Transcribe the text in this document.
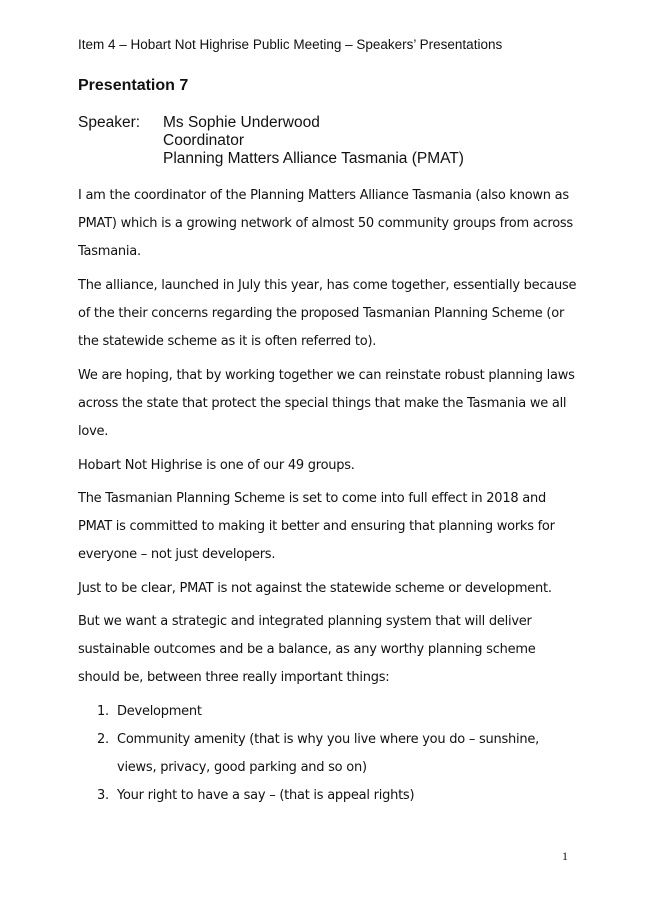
Item 4 – Hobart Not Highrise Public Meeting – Speakers’ Presentations
Presentation 7
Speaker: Ms Sophie Underwood
Coordinator
Planning Matters Alliance Tasmania (PMAT)

I am the coordinator of the Planning Matters Alliance Tasmania (also known as PMAT) which is a growing network of almost 50 community groups from across Tasmania.

The alliance, launched in July this year, has come together, essentially because of the their concerns regarding the proposed Tasmanian Planning Scheme (or the statewide scheme as it is often referred to).

We are hoping, that by working together we can reinstate robust planning laws across the state that protect the special things that make the Tasmania we all love.

Hobart Not Highrise is one of our 49 groups.

The Tasmanian Planning Scheme is set to come into full effect in 2018 and PMAT is committed to making it better and ensuring that planning works for everyone – not just developers.

Just to be clear, PMAT is not against the statewide scheme or development.

But we want a strategic and integrated planning system that will deliver sustainable outcomes and be a balance, as any worthy planning scheme should be, between three really important things:

1. Development
2. Community amenity (that is why you live where you do – sunshine, views, privacy, good parking and so on)
3. Your right to have a say – (that is appeal rights)
1
